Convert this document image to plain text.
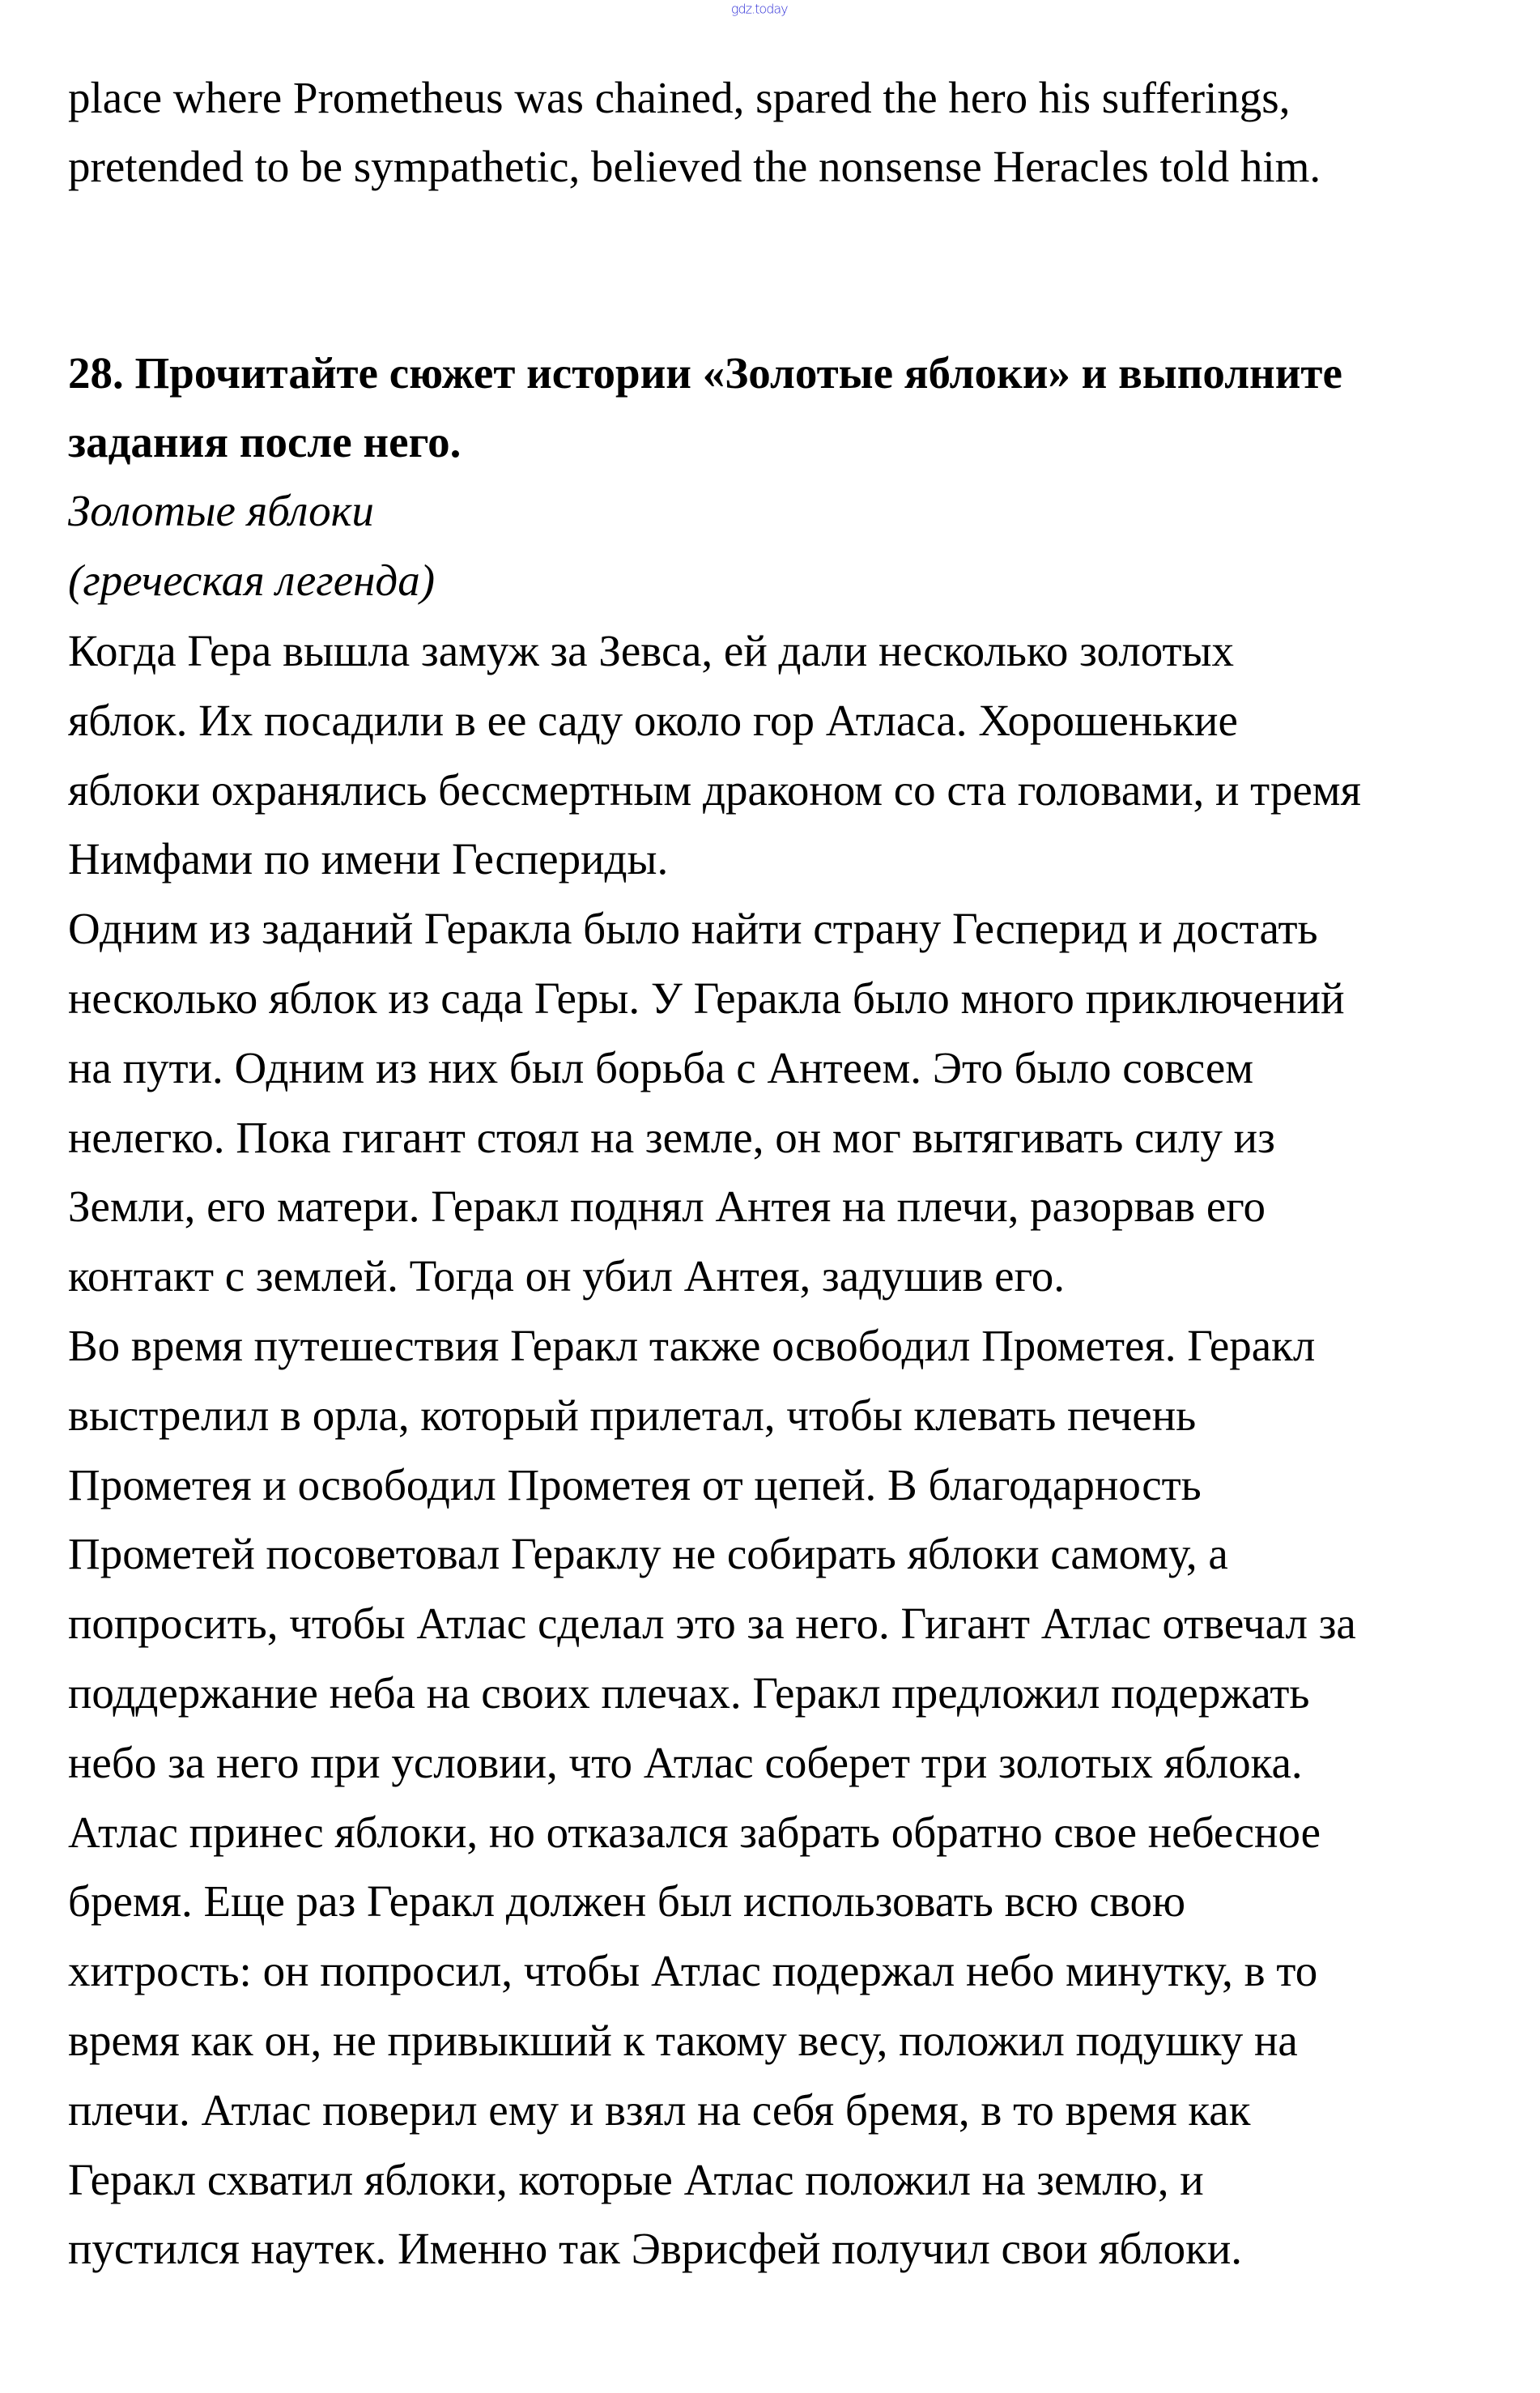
place where Prometheus was chained, spared the hero his sufferings,
pretended to be sympathetic, believed the nonsense Heracles told him.
28. Прочитайте сюжет истории «Золотые яблоки» и выполните
задания после него.
Золотые яблоки
(греческая легенда)
Когда Гера вышла замуж за Зевса, ей дали несколько золотых
яблок. Их посадили в ее саду около гор Атласа. Хорошенькие
яблоки охранялись бессмертным драконом со ста головами, и тремя
Нимфами по имени Геспериды.
Одним из заданий Геракла было найти страну Гесперид и достать
несколько яблок из сада Геры. У Геракла было много приключений
на пути. Одним из них был борьба с Антеем. Это было совсем
нелегко. Пока гигант стоял на земле, он мог вытягивать силу из
Земли, его матери. Геракл поднял Антея на плечи, разорвав его
контакт с землей. Тогда он убил Антея, задушив его.
Во время путешествия Геракл также освободил Прометея. Геракл
выстрелил в орла, который прилетал, чтобы клевать печень
Прометея и освободил Прометея от цепей. В благодарность
Прометей посоветовал Гераклу не собирать яблоки самому, а
попросить, чтобы Атлас сделал это за него. Гигант Атлас отвечал за
поддержание неба на своих плечах. Геракл предложил подержать
небо за него при условии, что Атлас соберет три золотых яблока.
Атлас принес яблоки, но отказался забрать обратно свое небесное
бремя. Еще раз Геракл должен был использовать всю свою
хитрость: он попросил, чтобы Атлас подержал небо минутку, в то
время как он, не привыкший к такому весу, положил подушку на
плечи. Атлас поверил ему и взял на себя бремя, в то время как
Геракл схватил яблоки, которые Атлас положил на землю, и
пустился наутек. Именно так Эврисфей получил свои яблоки.
gdz.today
